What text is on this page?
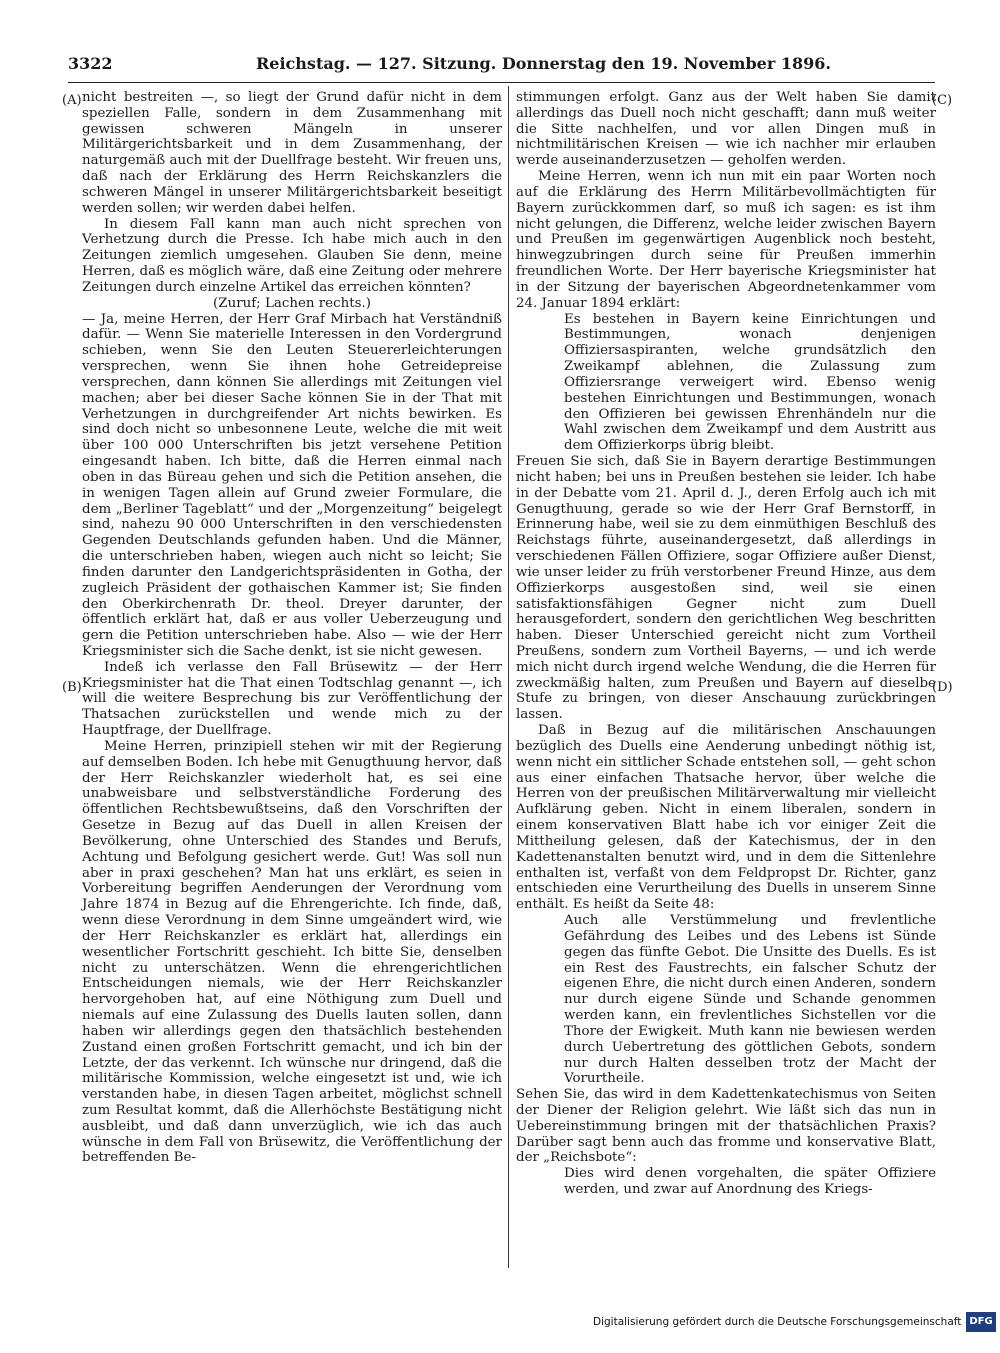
3322	Reichstag. — 127. Sitzung. Donnerstag den 19. November 1896.
(A)
(B)
(C)
(D)

nicht bestreiten —, so liegt der Grund dafür nicht in dem speziellen Falle, sondern in dem Zusammenhang mit gewissen schweren Mängeln in unserer Militärgerichtsbarkeit und in dem Zusammenhang, der naturgemäß auch mit der Duellfrage besteht. Wir freuen uns, daß nach der Erklärung des Herrn Reichskanzlers die schweren Mängel in unserer Militärgerichtsbarkeit beseitigt werden sollen; wir werden dabei helfen.

In diesem Fall kann man auch nicht sprechen von Verhetzung durch die Presse. Ich habe mich auch in den Zeitungen ziemlich umgesehen. Glauben Sie denn, meine Herren, daß es möglich wäre, daß eine Zeitung oder mehrere Zeitungen durch einzelne Artikel das erreichen könnten?

(Zuruf; Lachen rechts.)

— Ja, meine Herren, der Herr Graf Mirbach hat Verständniß dafür. — Wenn Sie materielle Interessen in den Vordergrund schieben, wenn Sie den Leuten Steuererleichterungen versprechen, wenn Sie ihnen hohe Getreidepreise versprechen, dann können Sie allerdings mit Zeitungen viel machen; aber bei dieser Sache können Sie in der That mit Verhetzungen in durchgreifender Art nichts bewirken. Es sind doch nicht so unbesonnene Leute, welche die mit weit über 100 000 Unterschriften bis jetzt versehene Petition eingesandt haben. Ich bitte, daß die Herren einmal nach oben in das Büreau gehen und sich die Petition ansehen, die in wenigen Tagen allein auf Grund zweier Formulare, die dem „Berliner Tageblatt“ und der „Morgenzeitung“ beigelegt sind, nahezu 90 000 Unterschriften in den verschiedensten Gegenden Deutschlands gefunden haben. Und die Männer, die unterschrieben haben, wiegen auch nicht so leicht; Sie finden darunter den Landgerichtspräsidenten in Gotha, der zugleich Präsident der gothaischen Kammer ist; Sie finden den Oberkirchenrath Dr. theol. Dreyer darunter, der öffentlich erklärt hat, daß er aus voller Ueberzeugung und gern die Petition unterschrieben habe. Also — wie der Herr Kriegsminister sich die Sache denkt, ist sie nicht gewesen.

Indeß ich verlasse den Fall Brüsewitz — der Herr Kriegsminister hat die That einen Todtschlag genannt —, ich will die weitere Besprechung bis zur Veröffentlichung der Thatsachen zurückstellen und wende mich zu der Hauptfrage, der Duellfrage.

Meine Herren, prinzipiell stehen wir mit der Regierung auf demselben Boden. Ich hebe mit Genugthuung hervor, daß der Herr Reichskanzler wiederholt hat, es sei eine unabweisbare und selbstverständliche Forderung des öffentlichen Rechtsbewußtseins, daß den Vorschriften der Gesetze in Bezug auf das Duell in allen Kreisen der Bevölkerung, ohne Unterschied des Standes und Berufs, Achtung und Befolgung gesichert werde. Gut! Was soll nun aber in praxi geschehen? Man hat uns erklärt, es seien in Vorbereitung begriffen Aenderungen der Verordnung vom Jahre 1874 in Bezug auf die Ehrengerichte. Ich finde, daß, wenn diese Verordnung in dem Sinne umgeändert wird, wie der Herr Reichskanzler es erklärt hat, allerdings ein wesentlicher Fortschritt geschieht. Ich bitte Sie, denselben nicht zu unterschätzen. Wenn die ehrengerichtlichen Entscheidungen niemals, wie der Herr Reichskanzler hervorgehoben hat, auf eine Nöthigung zum Duell und niemals auf eine Zulassung des Duells lauten sollen, dann haben wir allerdings gegen den thatsächlich bestehenden Zustand einen großen Fortschritt gemacht, und ich bin der Letzte, der das verkennt. Ich wünsche nur dringend, daß die militärische Kommission, welche eingesetzt ist und, wie ich verstanden habe, in diesen Tagen arbeitet, möglichst schnell zum Resultat kommt, daß die Allerhöchste Bestätigung nicht ausbleibt, und daß dann unverzüglich, wie ich das auch wünsche in dem Fall von Brüsewitz, die Veröffentlichung der betreffenden Be-

stimmungen erfolgt. Ganz aus der Welt haben Sie damit allerdings das Duell noch nicht geschafft; dann muß weiter die Sitte nachhelfen, und vor allen Dingen muß in nichtmilitärischen Kreisen — wie ich nachher mir erlauben werde auseinanderzusetzen — geholfen werden.

Meine Herren, wenn ich nun mit ein paar Worten noch auf die Erklärung des Herrn Militärbevollmächtigten für Bayern zurückkommen darf, so muß ich sagen: es ist ihm nicht gelungen, die Differenz, welche leider zwischen Bayern und Preußen im gegenwärtigen Augenblick noch besteht, hinwegzubringen durch seine für Preußen immerhin freundlichen Worte. Der Herr bayerische Kriegsminister hat in der Sitzung der bayerischen Abgeordnetenkammer vom 24. Januar 1894 erklärt:

Es bestehen in Bayern keine Einrichtungen und Bestimmungen, wonach denjenigen Offiziersaspiranten, welche grundsätzlich den Zweikampf ablehnen, die Zulassung zum Offiziersrange verweigert wird. Ebenso wenig bestehen Einrichtungen und Bestimmungen, wonach den Offizieren bei gewissen Ehrenhändeln nur die Wahl zwischen dem Zweikampf und dem Austritt aus dem Offizierkorps übrig bleibt.

Freuen Sie sich, daß Sie in Bayern derartige Bestimmungen nicht haben; bei uns in Preußen bestehen sie leider. Ich habe in der Debatte vom 21. April d. J., deren Erfolg auch ich mit Genugthuung, gerade so wie der Herr Graf Bernstorff, in Erinnerung habe, weil sie zu dem einmüthigen Beschluß des Reichstags führte, auseinandergesetzt, daß allerdings in verschiedenen Fällen Offiziere, sogar Offiziere außer Dienst, wie unser leider zu früh verstorbener Freund Hinze, aus dem Offizierkorps ausgestoßen sind, weil sie einen satisfaktionsfähigen Gegner nicht zum Duell herausgefordert, sondern den gerichtlichen Weg beschritten haben. Dieser Unterschied gereicht nicht zum Vortheil Preußens, sondern zum Vortheil Bayerns, — und ich werde mich nicht durch irgend welche Wendung, die die Herren für zweckmäßig halten, zum Preußen und Bayern auf dieselbe Stufe zu bringen, von dieser Anschauung zurückbringen lassen.

Daß in Bezug auf die militärischen Anschauungen bezüglich des Duells eine Aenderung unbedingt nöthig ist, wenn nicht ein sittlicher Schade entstehen soll, — geht schon aus einer einfachen Thatsache hervor, über welche die Herren von der preußischen Militärverwaltung mir vielleicht Aufklärung geben. Nicht in einem liberalen, sondern in einem konservativen Blatt habe ich vor einiger Zeit die Mittheilung gelesen, daß der Katechismus, der in den Kadettenanstalten benutzt wird, und in dem die Sittenlehre enthalten ist, verfaßt von dem Feldpropst Dr. Richter, ganz entschieden eine Verurtheilung des Duells in unserem Sinne enthält. Es heißt da Seite 48:

Auch alle Verstümmelung und frevlentliche Gefährdung des Leibes und des Lebens ist Sünde gegen das fünfte Gebot. Die Unsitte des Duells. Es ist ein Rest des Faustrechts, ein falscher Schutz der eigenen Ehre, die nicht durch einen Anderen, sondern nur durch eigene Sünde und Schande genommen werden kann, ein frevlentliches Sichstellen vor die Thore der Ewigkeit. Muth kann nie bewiesen werden durch Uebertretung des göttlichen Gebots, sondern nur durch Halten desselben trotz der Macht der Vorurtheile.

Sehen Sie, das wird in dem Kadettenkatechismus von Seiten der Diener der Religion gelehrt. Wie läßt sich das nun in Uebereinstimmung bringen mit der thatsächlichen Praxis? Darüber sagt benn auch das fromme und konservative Blatt, der „Reichsbote“:

Dies wird denen vorgehalten, die später Offiziere werden, und zwar auf Anordnung des Kriegs-

Digitalisierung gefördert durch die Deutsche Forschungsgemeinschaft DFG
